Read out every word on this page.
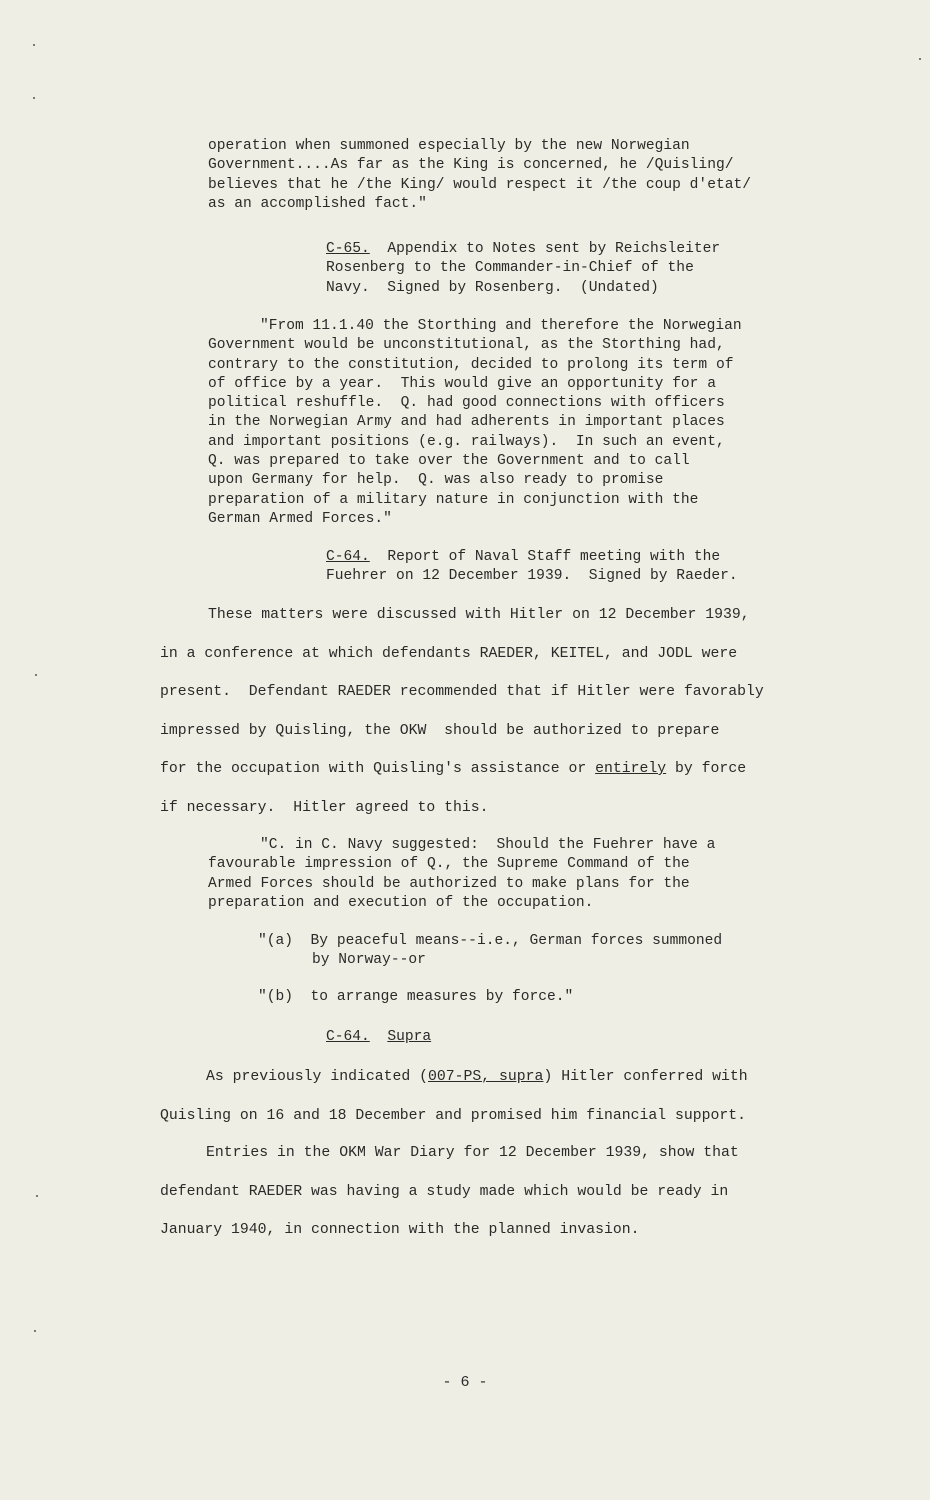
operation when summoned especially by the new Norwegian
Government....As far as the King is concerned, he /Quisling/
believes that he /the King/ would respect it /the coup d'etat/
as an accomplished fact."
C-65. Appendix to Notes sent by Reichsleiter
Rosenberg to the Commander-in-Chief of the
Navy.  Signed by Rosenberg.  (Undated)
"From 11.1.40 the Storthing and therefore the Norwegian
Government would be unconstitutional, as the Storthing had,
contrary to the constitution, decided to prolong its term of
of office by a year.  This would give an opportunity for a
political reshuffle.  Q. had good connections with officers
in the Norwegian Army and had adherents in important places
and important positions (e.g. railways).  In such an event,
Q. was prepared to take over the Government and to call
upon Germany for help.  Q. was also ready to promise
preparation of a military nature in conjunction with the
German Armed Forces."
C-64. Report of Naval Staff meeting with the
Fuehrer on 12 December 1939.  Signed by Raeder.
These matters were discussed with Hitler on 12 December 1939,
in a conference at which defendants RAEDER, KEITEL, and JODL were
present.  Defendant RAEDER recommended that if Hitler were favorably
impressed by Quisling, the OKW  should be authorized to prepare
for the occupation with Quisling's assistance or entirely by force
if necessary.  Hitler agreed to this.
"C. in C. Navy suggested:  Should the Fuehrer have a
favourable impression of Q., the Supreme Command of the
Armed Forces should be authorized to make plans for the
preparation and execution of the occupation.
"(a) By peaceful means--i.e., German forces summoned
by Norway--or
"(b) to arrange measures by force."
C-64. Supra
As previously indicated (007-PS, supra) Hitler conferred with
Quisling on 16 and 18 December and promised him financial support.
Entries in the OKM War Diary for 12 December 1939, show that
defendant RAEDER was having a study made which would be ready in
January 1940, in connection with the planned invasion.
- 6 -
